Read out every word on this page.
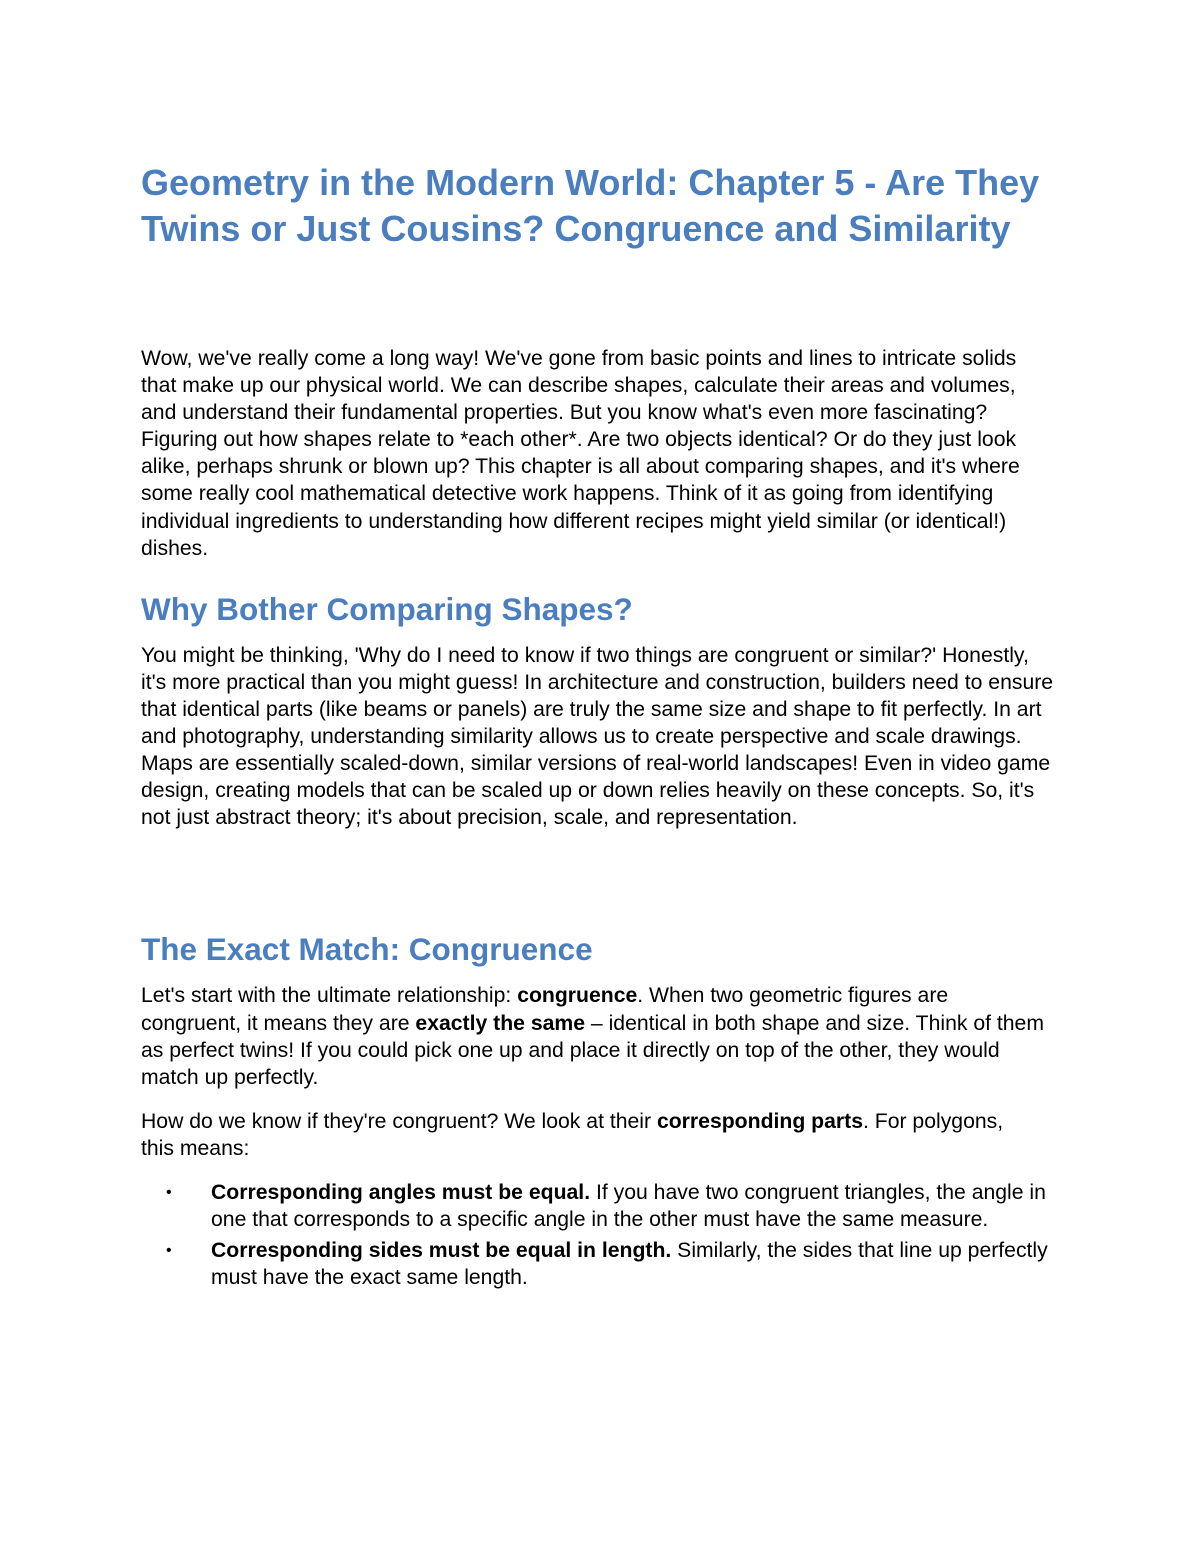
Geometry in the Modern World: Chapter 5 - Are They Twins or Just Cousins? Congruence and Similarity

Wow, we've really come a long way! We've gone from basic points and lines to intricate solids that make up our physical world. We can describe shapes, calculate their areas and volumes, and understand their fundamental properties. But you know what's even more fascinating? Figuring out how shapes relate to *each other*. Are two objects identical? Or do they just look alike, perhaps shrunk or blown up? This chapter is all about comparing shapes, and it's where some really cool mathematical detective work happens. Think of it as going from identifying individual ingredients to understanding how different recipes might yield similar (or identical!) dishes.

Why Bother Comparing Shapes?

You might be thinking, 'Why do I need to know if two things are congruent or similar?' Honestly, it's more practical than you might guess! In architecture and construction, builders need to ensure that identical parts (like beams or panels) are truly the same size and shape to fit perfectly. In art and photography, understanding similarity allows us to create perspective and scale drawings. Maps are essentially scaled-down, similar versions of real-world landscapes! Even in video game design, creating models that can be scaled up or down relies heavily on these concepts. So, it's not just abstract theory; it's about precision, scale, and representation.

The Exact Match: Congruence

Let's start with the ultimate relationship: congruence. When two geometric figures are congruent, it means they are exactly the same – identical in both shape and size. Think of them as perfect twins! If you could pick one up and place it directly on top of the other, they would match up perfectly.

How do we know if they're congruent? We look at their corresponding parts. For polygons, this means:

• Corresponding angles must be equal. If you have two congruent triangles, the angle in one that corresponds to a specific angle in the other must have the same measure.
• Corresponding sides must be equal in length. Similarly, the sides that line up perfectly must have the exact same length.
